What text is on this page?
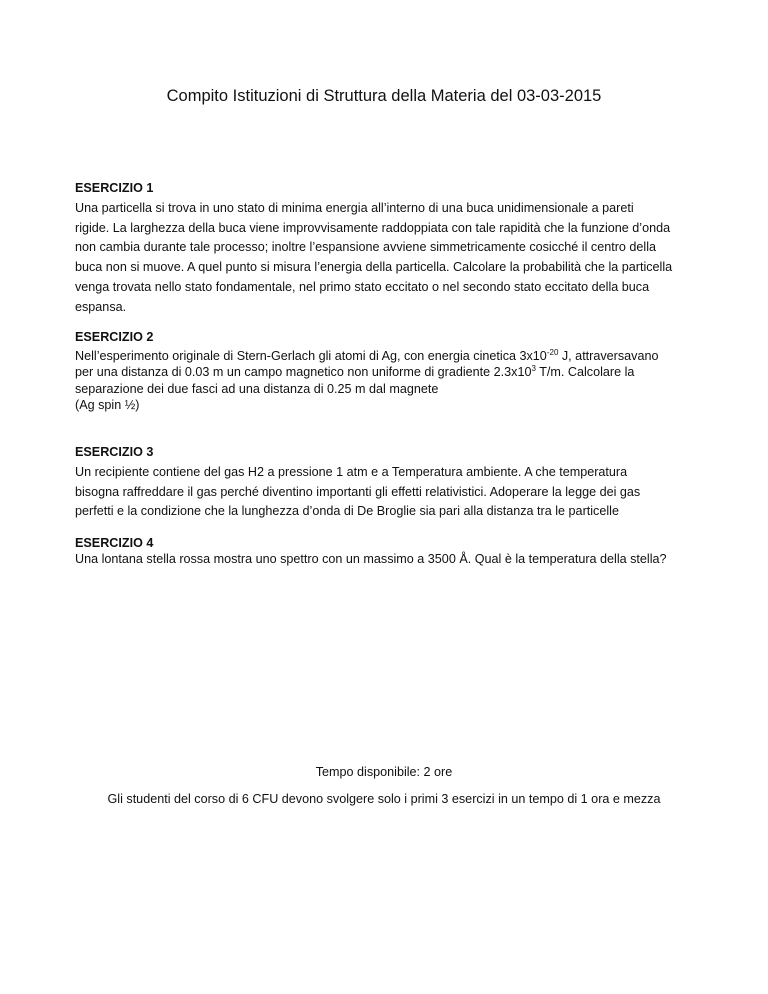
Compito Istituzioni di Struttura della Materia del 03-03-2015
ESERCIZIO 1
Una particella si trova in uno stato di minima energia all’interno di una buca unidimensionale a pareti
rigide. La larghezza della buca viene improvvisamente raddoppiata con tale rapidità che la funzione d’onda
non cambia durante tale processo; inoltre l’espansione avviene simmetricamente cosicché il centro della
buca non si muove. A quel punto si misura l’energia della particella. Calcolare la probabilità che la particella
venga trovata nello stato fondamentale, nel primo stato eccitato o nel secondo stato eccitato della buca
espansa.
ESERCIZIO 2
Nell’esperimento originale di Stern-Gerlach gli atomi di Ag, con energia cinetica $3x10^{-20}$ J, attraversavano
per una distanza di 0.03 m un campo magnetico non uniforme di gradiente $2.3x10^3$ T/m. Calcolare la
separazione dei due fasci ad una distanza di 0.25 m dal magnete
(Ag spin ½)
ESERCIZIO 3
Un recipiente contiene del gas H2 a pressione 1 atm e a Temperatura ambiente. A che temperatura
bisogna raffreddare il gas perché diventino importanti gli effetti relativistici. Adoperare la legge dei gas
perfetti e la condizione che la lunghezza d’onda di De Broglie sia pari alla distanza tra le particelle
ESERCIZIO 4
Una lontana stella rossa mostra uno spettro con un massimo a 3500 Å. Qual è la temperatura della stella?
Tempo disponibile: 2 ore
Gli studenti del corso di 6 CFU devono svolgere solo i primi 3 esercizi in un tempo di 1 ora e mezza
